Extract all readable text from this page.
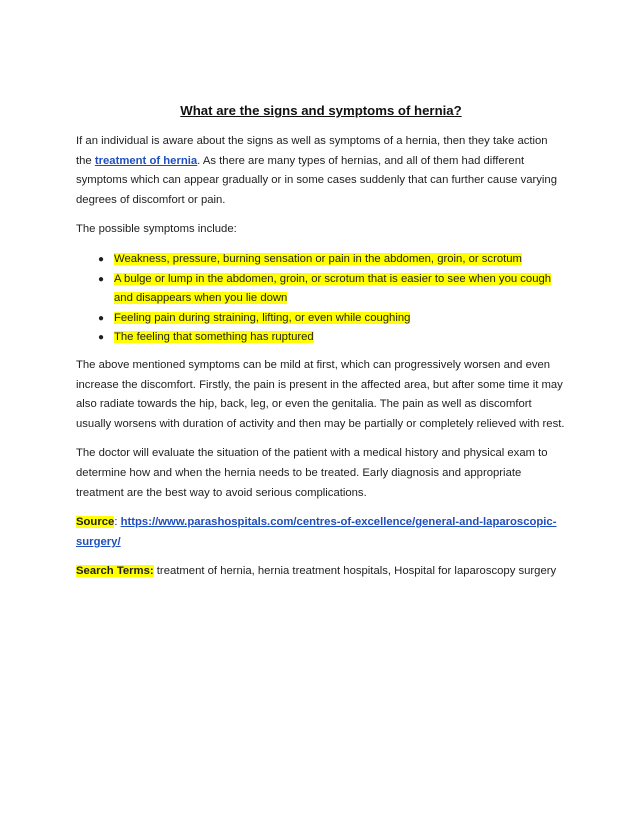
What are the signs and symptoms of hernia?

If an individual is aware about the signs as well as symptoms of a hernia, then they take action the treatment of hernia. As there are many types of hernias, and all of them had different symptoms which can appear gradually or in some cases suddenly that can further cause varying degrees of discomfort or pain.

The possible symptoms include:

● Weakness, pressure, burning sensation or pain in the abdomen, groin, or scrotum
● A bulge or lump in the abdomen, groin, or scrotum that is easier to see when you cough and disappears when you lie down
● Feeling pain during straining, lifting, or even while coughing
● The feeling that something has ruptured

The above mentioned symptoms can be mild at first, which can progressively worsen and even increase the discomfort. Firstly, the pain is present in the affected area, but after some time it may also radiate towards the hip, back, leg, or even the genitalia. The pain as well as discomfort usually worsens with duration of activity and then may be partially or completely relieved with rest.

The doctor will evaluate the situation of the patient with a medical history and physical exam to determine how and when the hernia needs to be treated. Early diagnosis and appropriate treatment are the best way to avoid serious complications.

Source: https://www.parashospitals.com/centres-of-excellence/general-and-laparoscopic-surgery/

Search Terms: treatment of hernia, hernia treatment hospitals, Hospital for laparoscopy surgery
